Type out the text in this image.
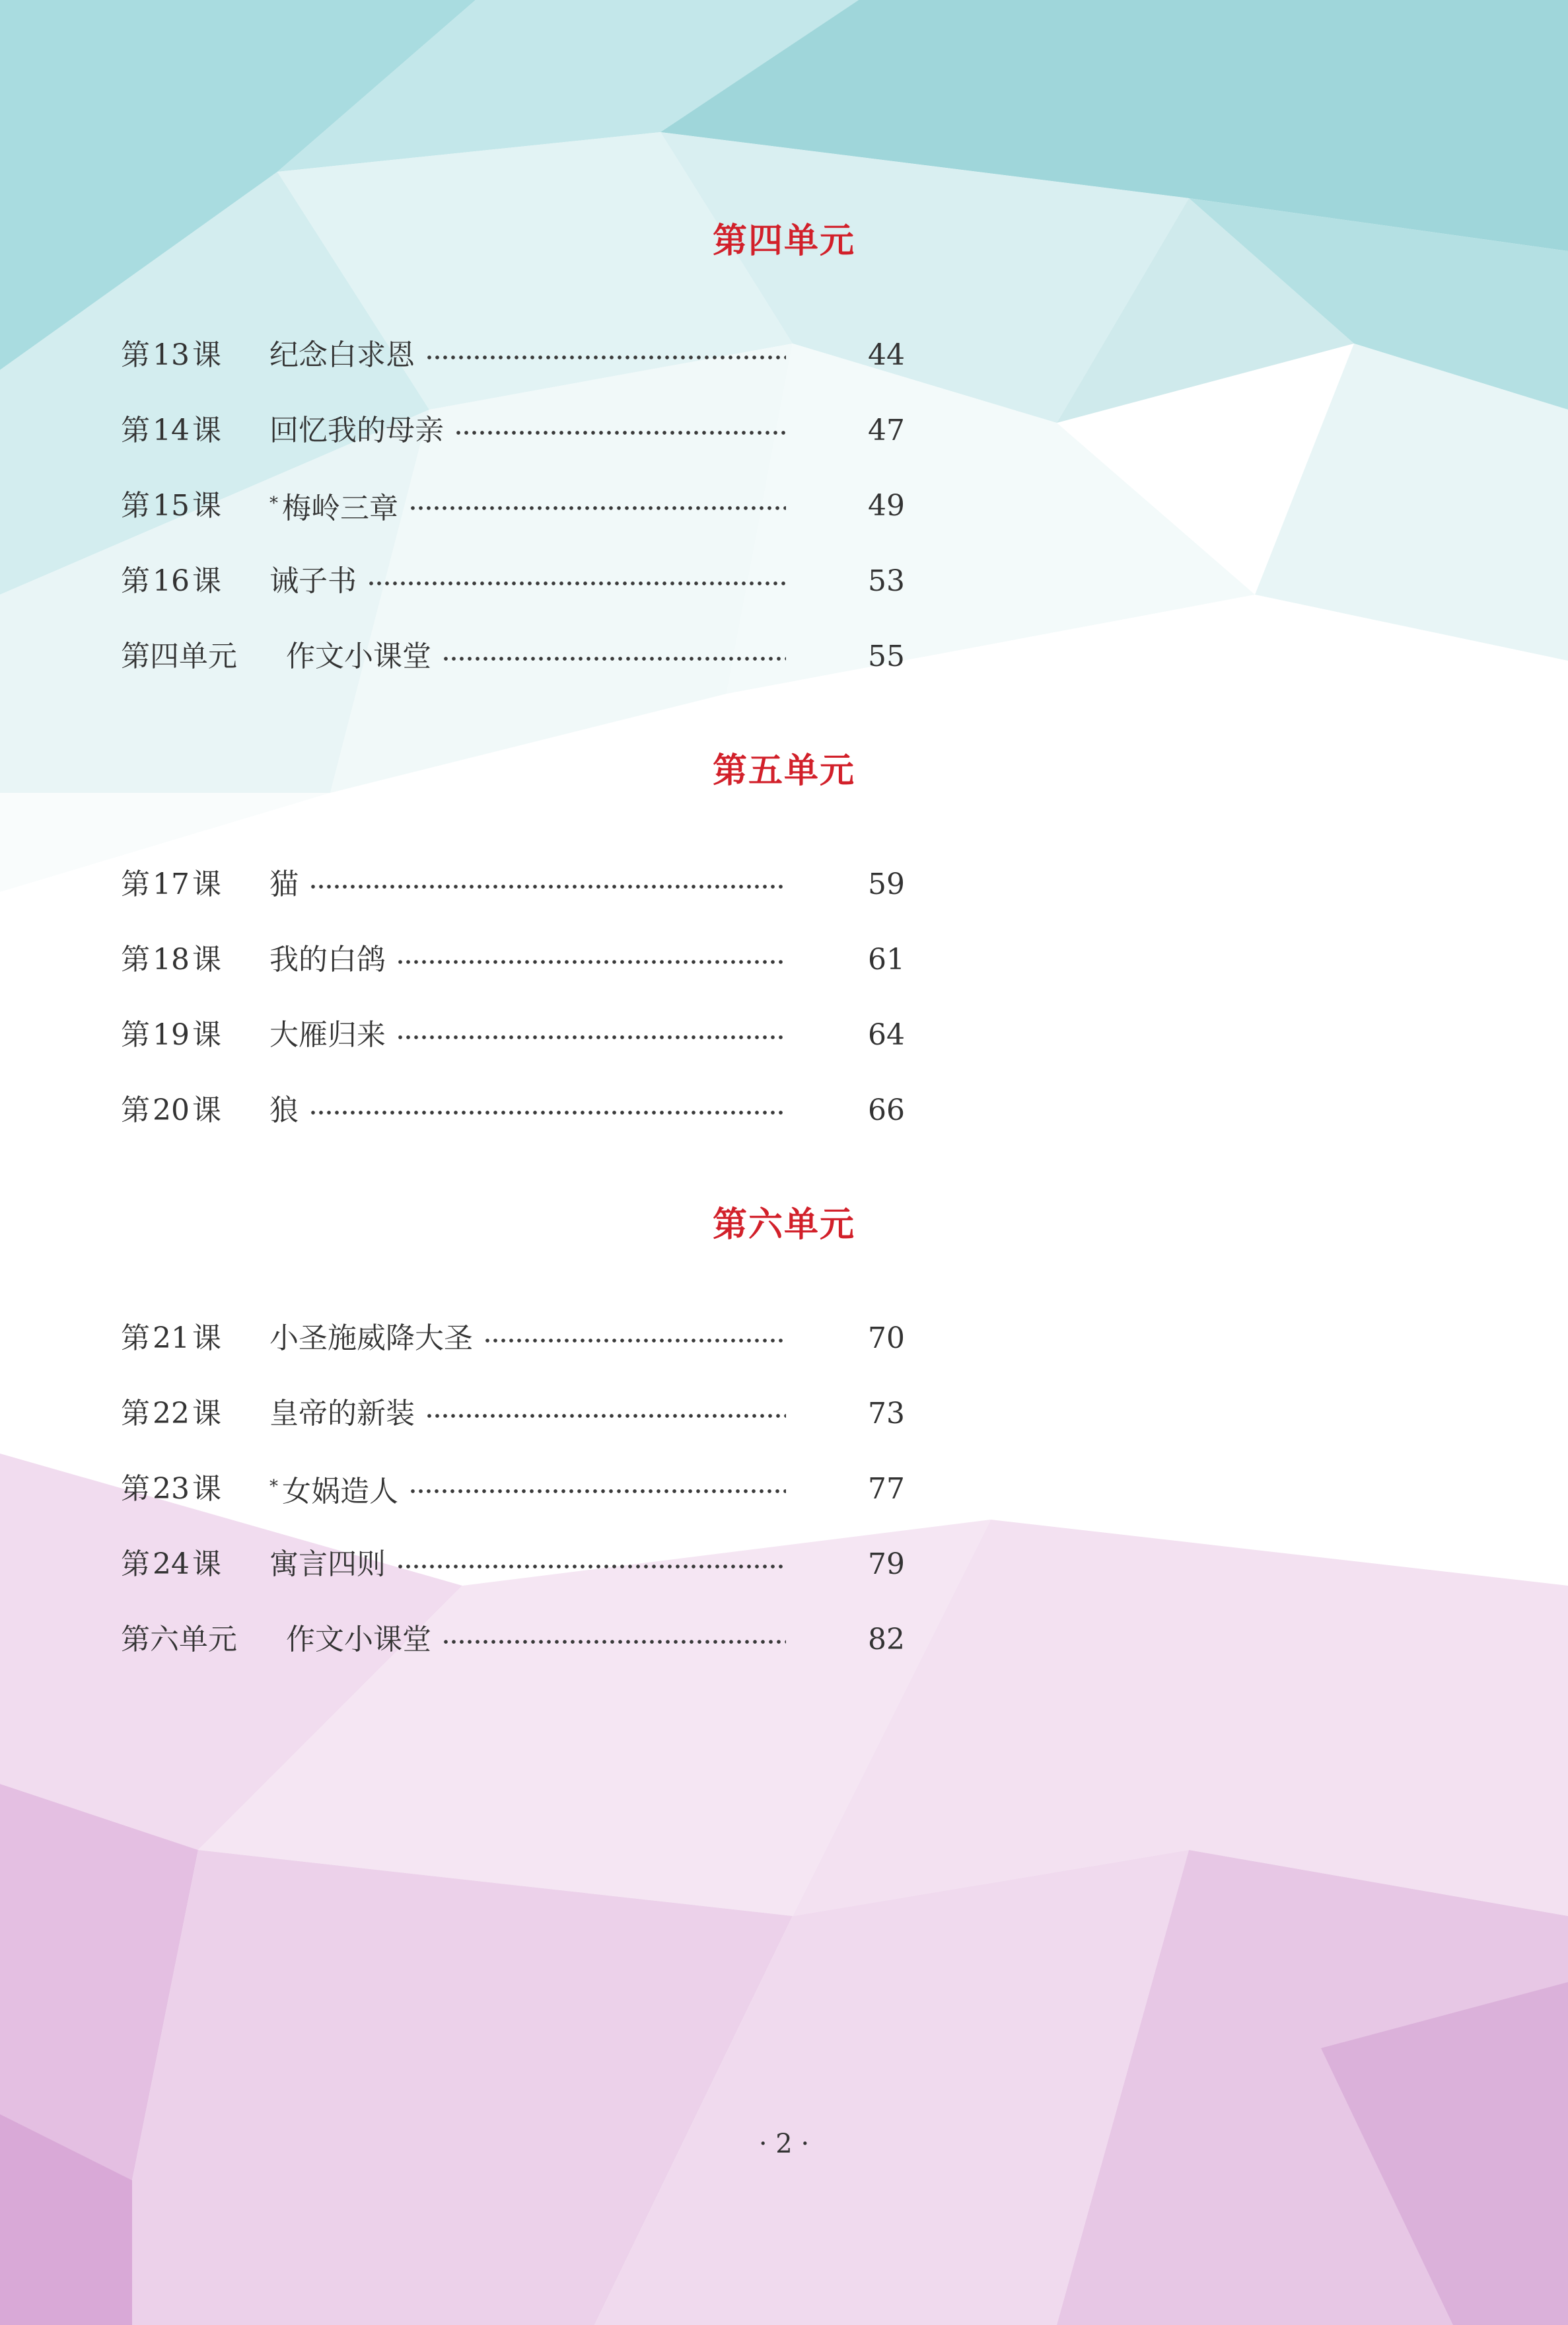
第四单元
第13课	纪念白求恩	44
第14课	回忆我的母亲	47
第15课	* 梅岭三章	49
第16课	诫子书	53
第四单元	作文小课堂	55
第五单元
第17课	猫	59
第18课	我的白鸽	61
第19课	大雁归来	64
第20课	狼	66
第六单元
第21课	小圣施威降大圣	70
第22课	皇帝的新装	73
第23课	* 女娲造人	77
第24课	寓言四则	79
第六单元	作文小课堂	82
· 2 ·
